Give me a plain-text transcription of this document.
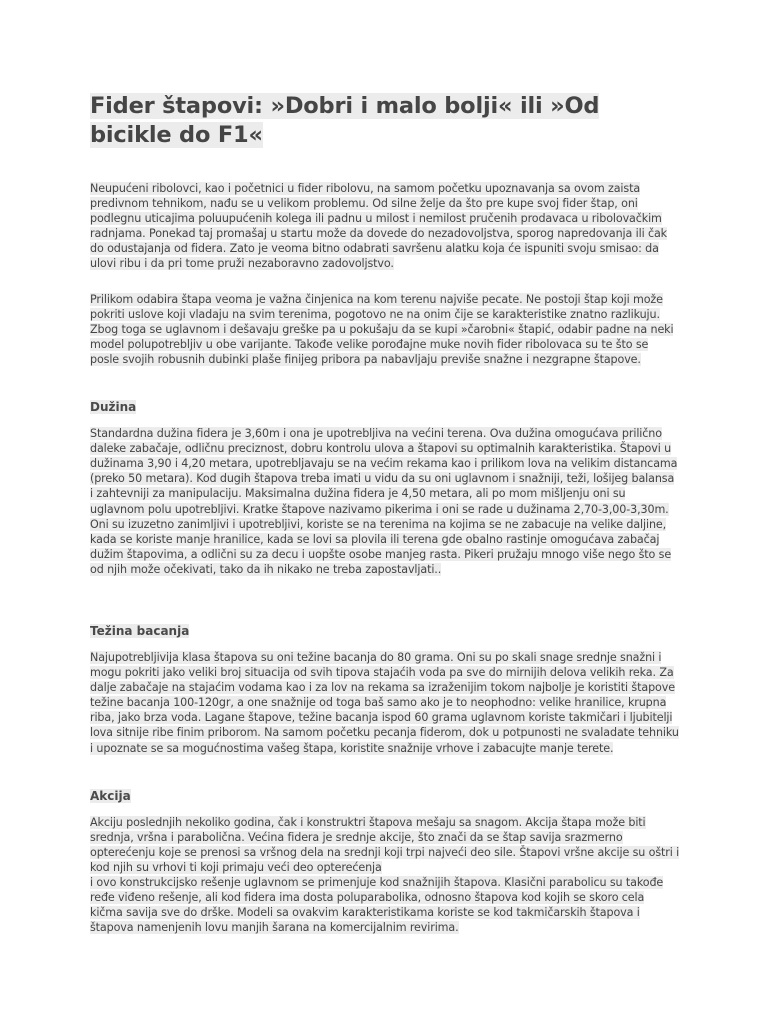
Fider štapovi: »Dobri i malo bolji« ili »Od bicikle do F1«

Neupućeni ribolovci, kao i početnici u fider ribolovu, na samom početku upoznavanja sa ovom zaista predivnom tehnikom, nađu se u velikom problemu. Od silne želje da što pre kupe svoj fider štap, oni podlegnu uticajima poluupućenih kolega ili padnu u milost i nemilost pručenih prodavaca u ribolovačkim radnjama. Ponekad taj promašaj u startu može da dovede do nezadovoljstva, sporog napredovanja ili čak do odustajanja od fidera. Zato je veoma bitno odabrati savršenu alatku koja će ispuniti svoju smisao: da ulovi ribu i da pri tome pruži nezaboravno zadovoljstvo.

Prilikom odabira štapa veoma je važna činjenica na kom terenu najviše pecate. Ne postoji štap koji može pokriti uslove koji vladaju na svim terenima, pogotovo ne na onim čije se karakteristike znatno razlikuju. Zbog toga se uglavnom i dešavaju greške pa u pokušaju da se kupi »čarobni« štapić, odabir padne na neki model polupotrebljiv u obe varijante. Takođe velike porođajne muke novih fider ribolovaca su te što se posle svojih robusnih dubinki plaše finijeg pribora pa nabavljaju previše snažne i nezgrapne štapove.

Dužina

Standardna dužina fidera je 3,60m i ona je upotrebljiva na većini terena. Ova dužina omogućava prilično daleke zabačaje, odličnu preciznost, dobru kontrolu ulova a štapovi su optimalnih karakteristika. Štapovi u dužinama 3,90 i 4,20 metara, upotrebljavaju se na većim rekama kao i prilikom lova na velikim distancama (preko 50 metara). Kod dugih štapova treba imati u vidu da su oni uglavnom i snažniji, teži, lošijeg balansa i zahtevniji za manipulaciju. Maksimalna dužina fidera je 4,50 metara, ali po mom mišljenju oni su uglavnom polu upotrebljivi. Kratke štapove nazivamo pikerima i oni se rade u dužinama 2,70-3,00-3,30m. Oni su izuzetno zanimljivi i upotrebljivi, koriste se na terenima na kojima se ne zabacuje na velike daljine, kada se koriste manje hranilice, kada se lovi sa plovila ili terena gde obalno rastinje omogućava zabačaj dužim štapovima, a odlični su za decu i uopšte osobe manjeg rasta. Pikeri pružaju mnogo više nego što se od njih može očekivati, tako da ih nikako ne treba zapostavljati..

Težina bacanja

Najupotrebljivija klasa štapova su oni težine bacanja do 80 grama. Oni su po skali snage srednje snažni i mogu pokriti jako veliki broj situacija od svih tipova stajaćih voda pa sve do mirnijih delova velikih reka. Za dalje zabačaje na stajaćim vodama kao i za lov na rekama sa izraženijim tokom najbolje je koristiti štapove težine bacanja 100-120gr, a one snažnije od toga baš samo ako je to neophodno: velike hranilice, krupna riba, jako brza voda. Lagane štapove, težine bacanja ispod 60 grama uglavnom koriste takmičari i ljubitelji lova sitnije ribe finim priborom. Na samom početku pecanja fiderom, dok u potpunosti ne svaladate tehniku i upoznate se sa mogućnostima vašeg štapa, koristite snažnije vrhove i zabacujte manje terete.

Akcija

Akciju poslednjih nekoliko godina, čak i konstruktri štapova mešaju sa snagom. Akcija štapa može biti srednja, vršna i parabolična. Većina fidera je srednje akcije, što znači da se štap savija srazmerno opterećenju koje se prenosi sa vršnog dela na srednji koji trpi najveći deo sile. Štapovi vršne akcije su oštri i kod njih su vrhovi ti koji primaju veći deo opterećenja

i ovo konstrukcijsko rešenje uglavnom se primenjuje kod snažnijih štapova. Klasični parabolicu su takođe ređe viđeno rešenje, ali kod fidera ima dosta poluparabolika, odnosno štapova kod kojih se skoro cela kičma savija sve do drške. Modeli sa ovakvim karakteristikama koriste se kod takmičarskih štapova i štapova namenjenih lovu manjih šarana na komercijalnim revirima.
